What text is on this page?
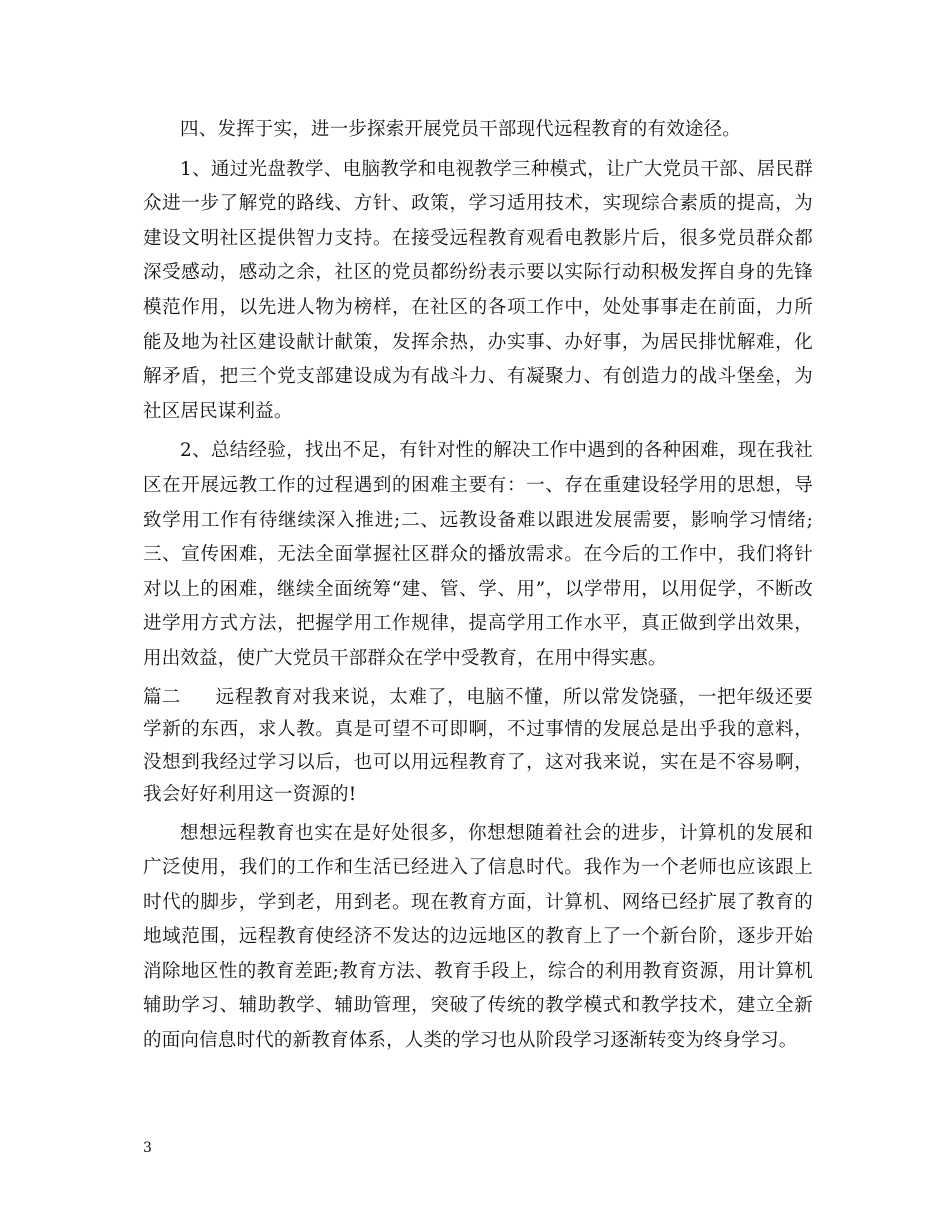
四、发挥于实，进一步探索开展党员干部现代远程教育的有效途径。

1、通过光盘教学、电脑教学和电视教学三种模式，让广大党员干部、居民群众进一步了解党的路线、方针、政策，学习适用技术，实现综合素质的提高，为建设文明社区提供智力支持。在接受远程教育观看电教影片后，很多党员群众都深受感动，感动之余，社区的党员都纷纷表示要以实际行动积极发挥自身的先锋模范作用，以先进人物为榜样，在社区的各项工作中，处处事事走在前面，力所能及地为社区建设献计献策，发挥余热，办实事、办好事，为居民排忧解难，化解矛盾，把三个党支部建设成为有战斗力、有凝聚力、有创造力的战斗堡垒，为社区居民谋利益。

2、总结经验，找出不足，有针对性的解决工作中遇到的各种困难，现在我社区在开展远教工作的过程遇到的困难主要有：一、存在重建设轻学用的思想，导致学用工作有待继续深入推进;二、远教设备难以跟进发展需要，影响学习情绪;三、宣传困难，无法全面掌握社区群众的播放需求。在今后的工作中，我们将针对以上的困难，继续全面统筹“建、管、学、用”，以学带用，以用促学，不断改进学用方式方法，把握学用工作规律，提高学用工作水平，真正做到学出效果，用出效益，使广大党员干部群众在学中受教育，在用中得实惠。

篇二 远程教育对我来说，太难了，电脑不懂，所以常发饶骚，一把年级还要学新的东西，求人教。真是可望不可即啊，不过事情的发展总是出乎我的意料，没想到我经过学习以后，也可以用远程教育了，这对我来说，实在是不容易啊，我会好好利用这一资源的!

想想远程教育也实在是好处很多，你想想随着社会的进步，计算机的发展和广泛使用，我们的工作和生活已经进入了信息时代。我作为一个老师也应该跟上时代的脚步，学到老，用到老。现在教育方面，计算机、网络已经扩展了教育的地域范围，远程教育使经济不发达的边远地区的教育上了一个新台阶，逐步开始消除地区性的教育差距;教育方法、教育手段上，综合的利用教育资源，用计算机辅助学习、辅助教学、辅助管理，突破了传统的教学模式和教学技术，建立全新的面向信息时代的新教育体系，人类的学习也从阶段学习逐渐转变为终身学习。

3
